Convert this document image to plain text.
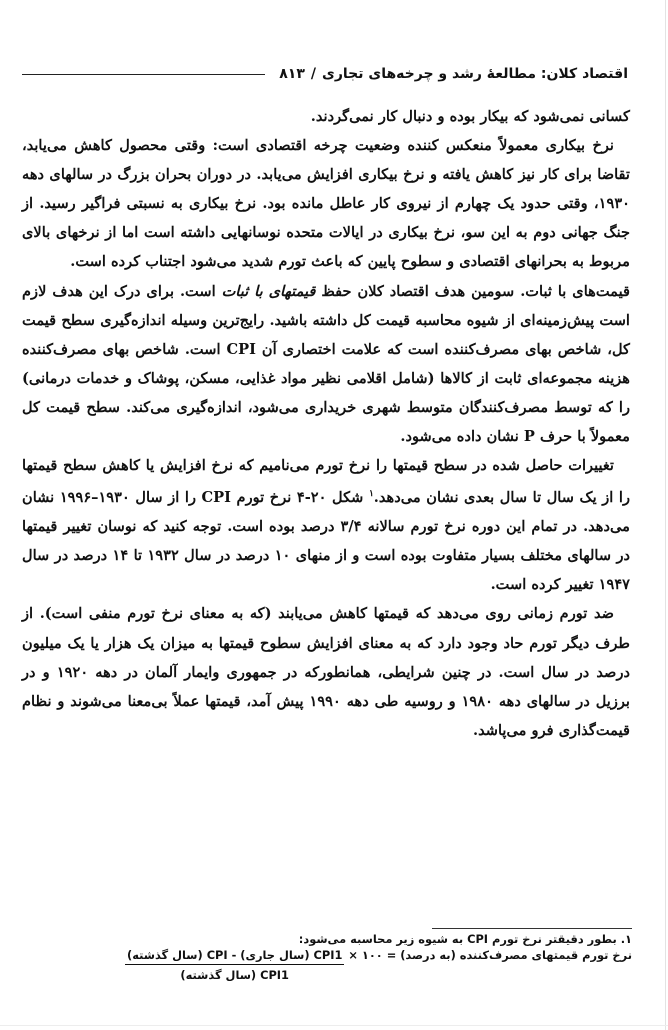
اقتصاد کلان: مطالعهٔ رشد و چرخه‌های تجاری
/
۸۱۳

کسانی نمی‌شود که بیکار بوده و دنبال کار نمی‌گردند.

نرخ بیکاری معمولاً منعکس کننده وضعیت چرخه اقتصادی است: وقتی محصول کاهش می‌یابد، تقاضا برای کار نیز کاهش یافته و نرخ بیکاری افزایش می‌یابد. در دوران بحران بزرگ در سالهای دهه ۱۹۳۰، وقتی حدود یک چهارم از نیروی کار عاطل مانده بود. نرخ بیکاری به نسبتی فراگیر رسید. از جنگ جهانی دوم به این سو، نرخ بیکاری در ایالات متحده نوسانهایی داشته است اما از نرخهای بالای مربوط به بحرانهای اقتصادی و سطوح پایین که باعث تورم شدید می‌شود اجتناب کرده است.

قیمت‌های با ثبات. سومین هدف اقتصاد کلان حفظ قیمتهای با ثبات است. برای درک این هدف لازم است پیش‌زمینه‌ای از شیوه محاسبه قیمت کل داشته باشید. رایج‌ترین وسیله اندازه‌گیری سطح قیمت کل، شاخص بهای مصرف‌کننده است که علامت اختصاری آن CPI است. شاخص بهای مصرف‌کننده هزینه مجموعه‌ای ثابت از کالاها (شامل اقلامی نظیر مواد غذایی، مسکن، پوشاک و خدمات درمانی) را که توسط مصرف‌کنندگان متوسط شهری خریداری می‌شود، اندازه‌گیری می‌کند. سطح قیمت کل معمولاً با حرف P نشان داده می‌شود.

تغییرات حاصل شده در سطح قیمتها را نرخ تورم می‌نامیم که نرخ افزایش یا کاهش سطح قیمتها را از یک سال تا سال بعدی نشان می‌دهد.$^۱$ شکل ۲۰-۴ نرخ تورم CPI را از سال ۱۹۳۰–۱۹۹۶ نشان می‌دهد. در تمام این دوره نرخ تورم سالانه ۳/۴ درصد بوده است. توجه کنید که نوسان تغییر قیمتها در سالهای مختلف بسیار متفاوت بوده است و از منهای ۱۰ درصد در سال ۱۹۳۲ تا ۱۴ درصد در سال ۱۹۴۷ تغییر کرده است.

ضد تورم زمانی روی می‌دهد که قیمتها کاهش می‌یابند (که به معنای نرخ تورم منفی است). از طرف دیگر تورم حاد وجود دارد که به معنای افزایش سطوح قیمتها به میزان یک هزار یا یک میلیون درصد در سال است. در چنین شرایطی، همانطورکه در جمهوری وایمار آلمان در دهه ۱۹۲۰ و در برزیل در سالهای دهه ۱۹۸۰ و روسیه طی دهه ۱۹۹۰ پیش آمد، قیمتها عملاً بی‌معنا می‌شوند و نظام قیمت‌گذاری فرو می‌پاشد.

۱. بطور دقیقتر نرخ تورم CPI به شیوه زیر محاسبه می‌شود:
نرخ تورم قیمتهای مصرف‌کننده (به درصد) = ۱۰۰ ×
$\frac{\text{CPI1 (سال جاری) - CPI (سال گذشته)}}{\text{CPI1 (سال گذشته)}}$
